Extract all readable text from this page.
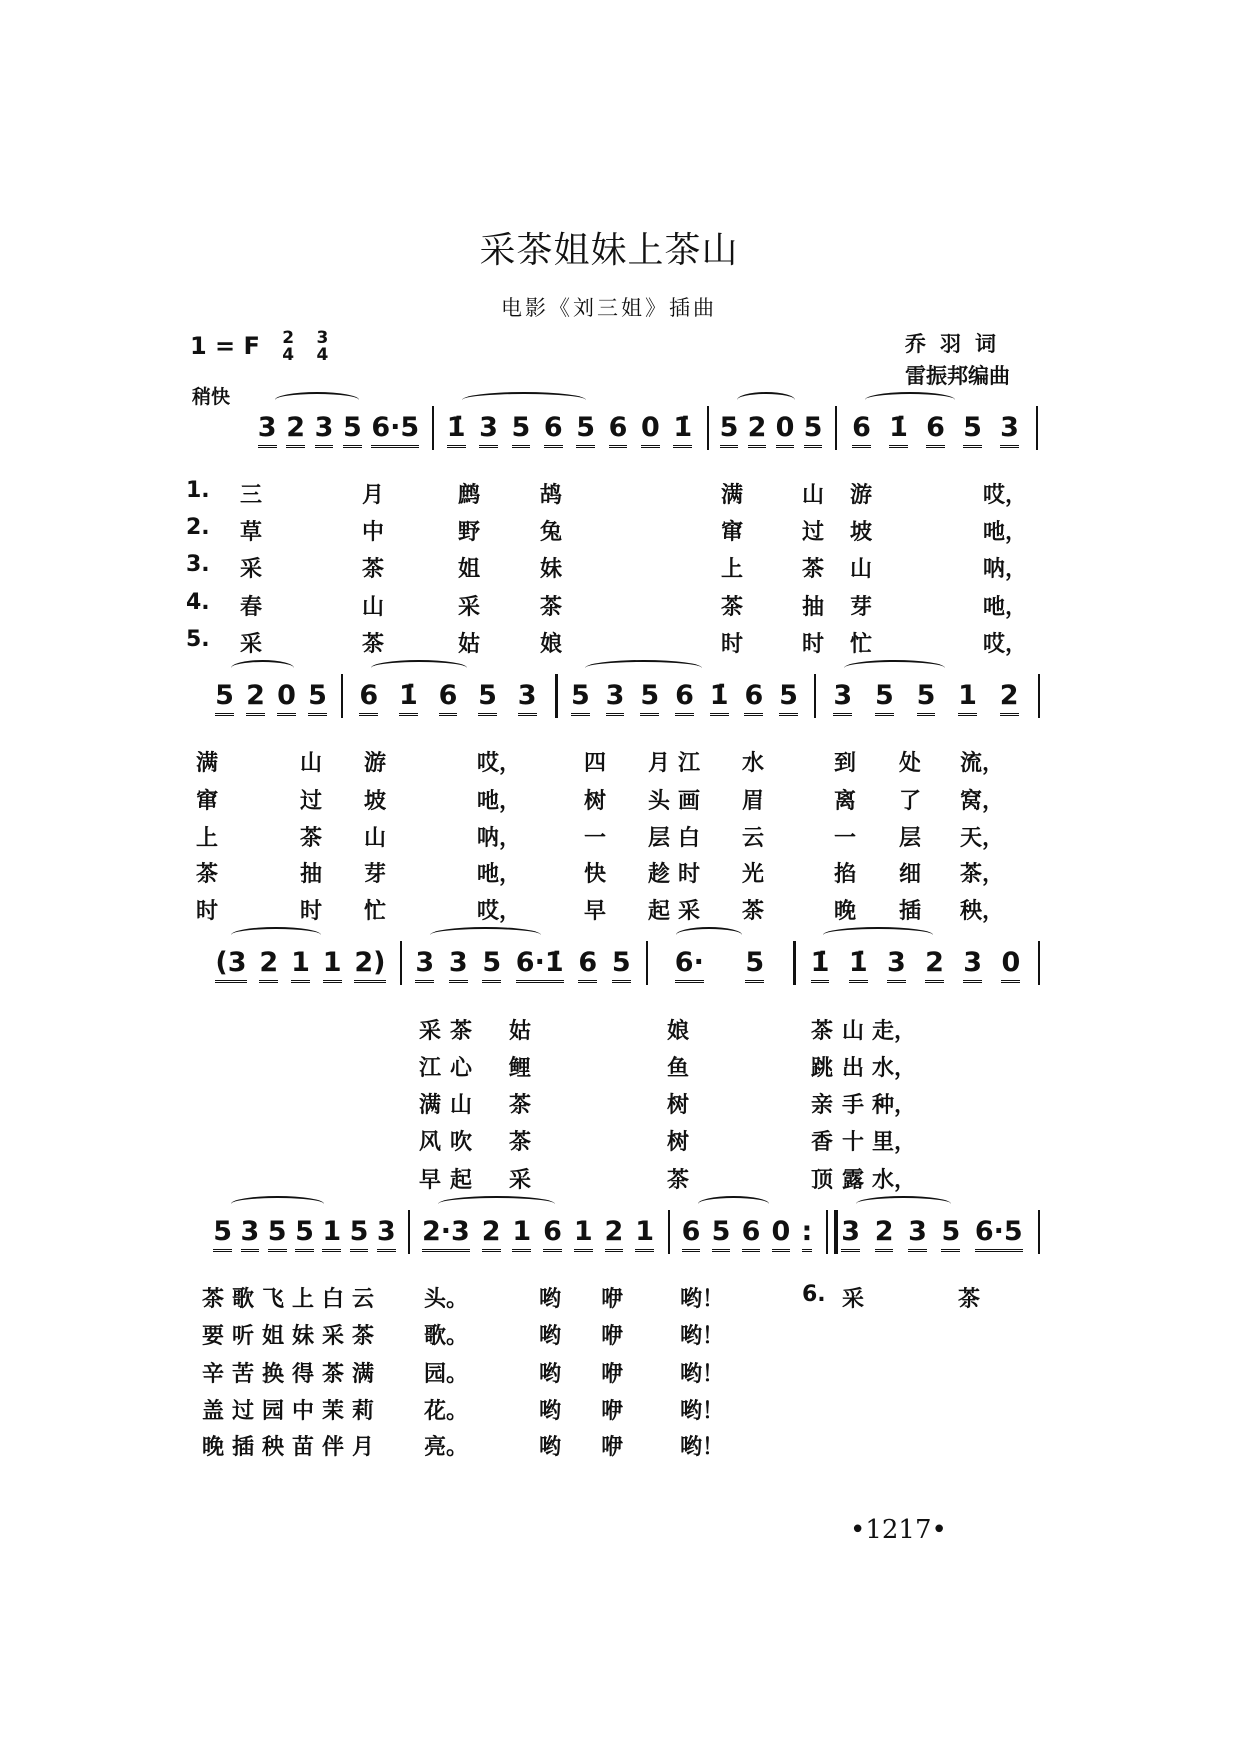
采茶姐妹上茶山
电影《刘三姐》插曲
1 = F 2
4

3
4	乔羽词
雷振邦编曲
稍快
3 2 3 5 6·5 1̇ 3 5 6 5 6 0 1̇ 5 2 0 5 6 1̇ 6 5 3
1. 三	月	鹧	鸪	满	山 游	哎，
2. 草	中	野	兔	窜	过 坡	吔，
3. 采	茶	姐	妹	上	茶 山	呐，
4. 春	山	采	茶	茶	抽 芽	吔，
5. 采	茶	姑	娘	时	时 忙	哎，
5 2 0 5 6 1̇ 6 5 3 5 3 5 6 1̇ 6 5 3 5 5 1 2
满	山 游	哎，	四 月 江 水	到 处 流，
窜	过 坡	吔，	树 头 画 眉	离 了 窝，
上	茶 山	呐，	一 层 白 云	一 层 天，
茶	抽 芽	吔，	快 趁 时 光	掐 细 茶，
时	时 忙	哎，	早 起 采 茶	晚 插 秧，
(3 2 1 1 2) 3 3 5 6·1̇ 6 5 6· 5 1̇ 1̇ 3 2 3 0
采 茶 姑	娘	茶 山 走，
江 心 鲤	鱼	跳 出 水，
满 山 茶	树	亲 手 种，
风 吹 茶	树	香 十 里，
早 起 采	茶	顶 露 水，
5 3 5 5 1 5 3 2·3 2 1 6 1 2 1 6 5 6 0 : 3 2 3 5 6·5
茶 歌 飞 上 白 云 头。	哟 咿	哟！	6. 采	茶
要 听 姐 妹 采 茶 歌。	哟 咿	哟！
辛 苦 换 得 茶 满 园。	哟 咿	哟！
盖 过 园 中 茉 莉 花。	哟 咿	哟！
晚 插 秧 苗 伴 月 亮。	哟 咿	哟！
•1217•
